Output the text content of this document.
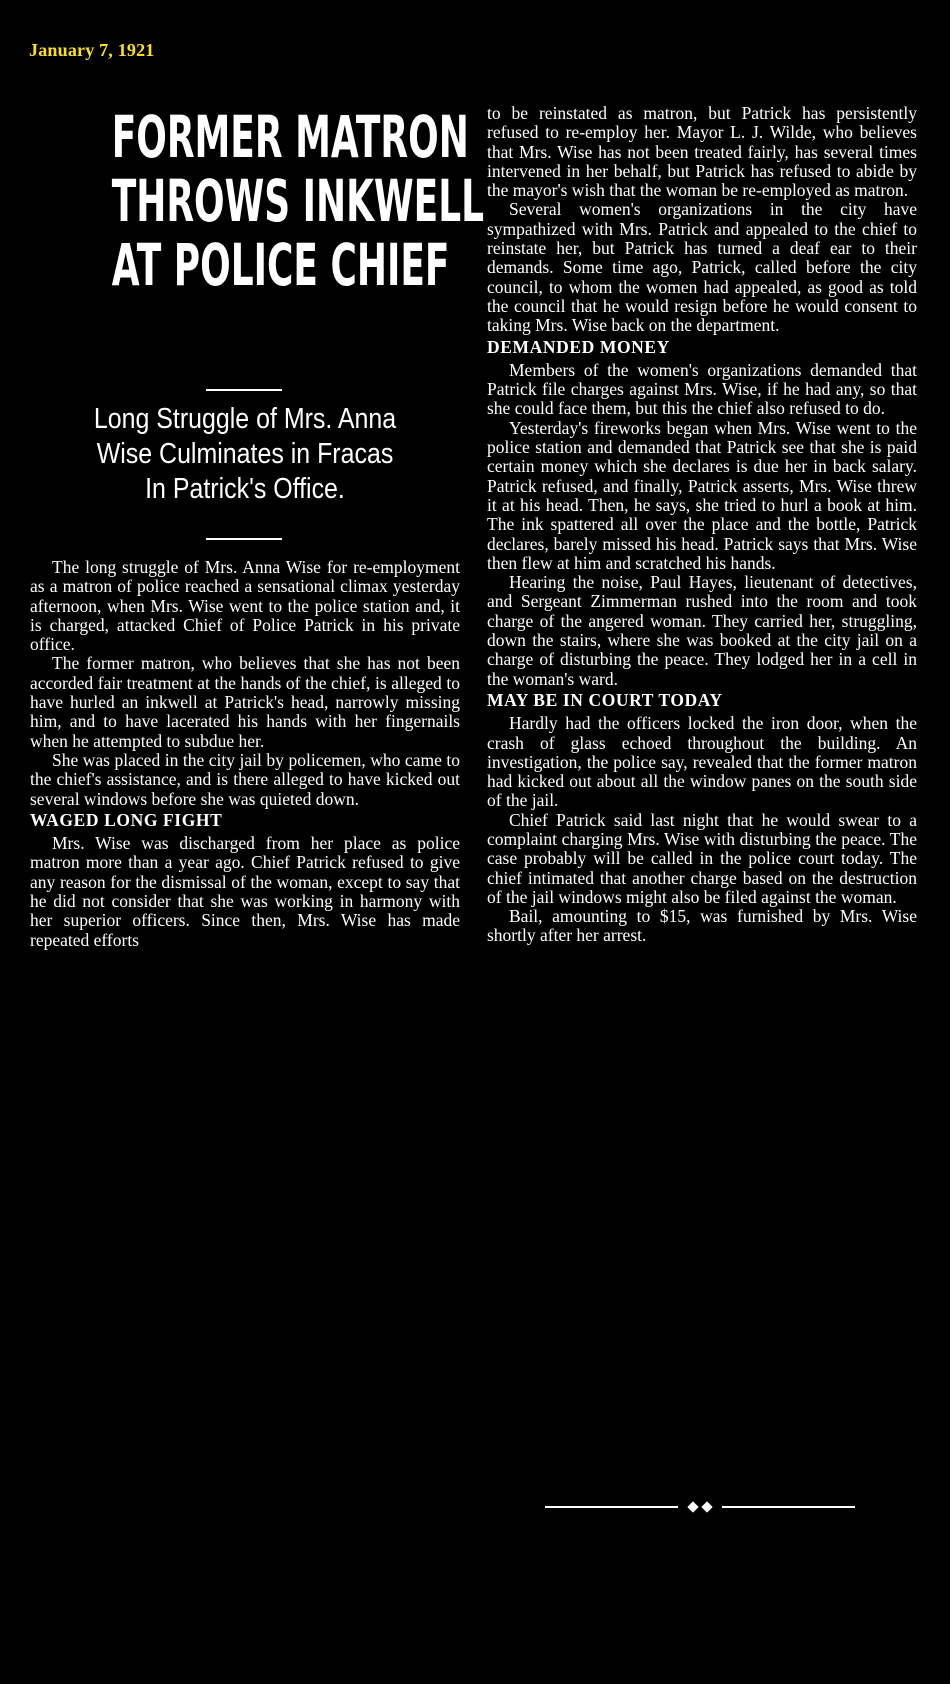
January 7, 1921
FORMER MATRON
THROWS INKWELL
AT POLICE CHIEF
Long Struggle of Mrs. Anna
Wise Culminates in Fracas
In Patrick's Office.

The long struggle of Mrs. Anna Wise for re-employment as a matron of police reached a sensational climax yesterday afternoon, when Mrs. Wise went to the police station and, it is charged, attacked Chief of Police Patrick in his private office.

The former matron, who believes that she has not been accorded fair treatment at the hands of the chief, is alleged to have hurled an inkwell at Patrick's head, narrowly missing him, and to have lacerated his hands with her fingernails when he attempted to subdue her.

She was placed in the city jail by policemen, who came to the chief's assistance, and is there alleged to have kicked out several windows before she was quieted down.

WAGED LONG FIGHT

Mrs. Wise was discharged from her place as police matron more than a year ago. Chief Patrick refused to give any reason for the dismissal of the woman, except to say that he did not consider that she was working in harmony with her superior officers. Since then, Mrs. Wise has made repeated efforts

to be reinstated as matron, but Patrick has persistently refused to re-employ her. Mayor L. J. Wilde, who believes that Mrs. Wise has not been treated fairly, has several times intervened in her behalf, but Patrick has refused to abide by the mayor's wish that the woman be re-employed as matron.

Several women's organizations in the city have sympathized with Mrs. Patrick and appealed to the chief to reinstate her, but Patrick has turned a deaf ear to their demands. Some time ago, Patrick, called before the city council, to whom the women had appealed, as good as told the council that he would resign before he would consent to taking Mrs. Wise back on the department.

DEMANDED MONEY

Members of the women's organizations demanded that Patrick file charges against Mrs. Wise, if he had any, so that she could face them, but this the chief also refused to do.

Yesterday's fireworks began when Mrs. Wise went to the police station and demanded that Patrick see that she is paid certain money which she declares is due her in back salary. Patrick refused, and finally, Patrick asserts, Mrs. Wise threw it at his head. Then, he says, she tried to hurl a book at him. The ink spattered all over the place and the bottle, Patrick declares, barely missed his head. Patrick says that Mrs. Wise then flew at him and scratched his hands.

Hearing the noise, Paul Hayes, lieutenant of detectives, and Sergeant Zimmerman rushed into the room and took charge of the angered woman. They carried her, struggling, down the stairs, where she was booked at the city jail on a charge of disturbing the peace. They lodged her in a cell in the woman's ward.

MAY BE IN COURT TODAY

Hardly had the officers locked the iron door, when the crash of glass echoed throughout the building. An investigation, the police say, revealed that the former matron had kicked out about all the window panes on the south side of the jail.

Chief Patrick said last night that he would swear to a complaint charging Mrs. Wise with disturbing the peace. The case probably will be called in the police court today. The chief intimated that another charge based on the destruction of the jail windows might also be filed against the woman.

Bail, amounting to $15, was furnished by Mrs. Wise shortly after her arrest.
